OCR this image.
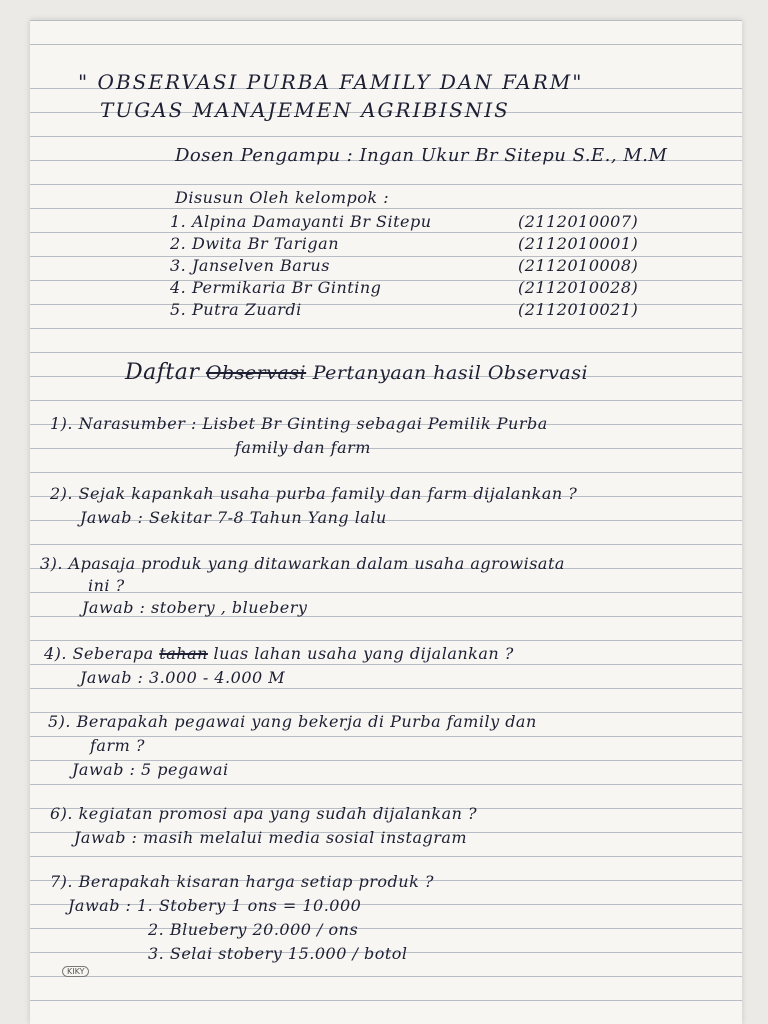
" OBSERVASI PURBA FAMILY DAN FARM"
TUGAS MANAJEMEN AGRIBISNIS
Dosen Pengampu : Ingan Ukur Br Sitepu S.E., M.M
Disusun Oleh kelompok :
1. Alpina Damayanti Br Sitepu	(2112010007)
2. Dwita Br Tarigan	(2112010001)
3. Janselven Barus	(2112010008)
4. Permikaria Br Ginting	(2112010028)
5. Putra Zuardi	(2112010021)
Daftar Observasi Pertanyaan hasil Observasi
1). Narasumber : Lisbet Br Ginting sebagai Pemilik Purba
family dan farm
2). Sejak kapankah usaha purba family dan farm dijalankan ?
Jawab : Sekitar 7-8 Tahun Yang lalu
3). Apasaja produk yang ditawarkan dalam usaha agrowisata
ini ?
Jawab : stobery , bluebery
4). Seberapa tahan luas lahan usaha yang dijalankan ?
Jawab : 3.000 - 4.000 M
5). Berapakah pegawai yang bekerja di Purba family dan
farm ?
Jawab : 5 pegawai
6). kegiatan promosi apa yang sudah dijalankan ?
Jawab : masih melalui media sosial instagram
7). Berapakah kisaran harga setiap produk ?
Jawab : 1. Stobery 1 ons = 10.000
2. Bluebery 20.000 / ons
3. Selai stobery 15.000 / botol
KIKY
